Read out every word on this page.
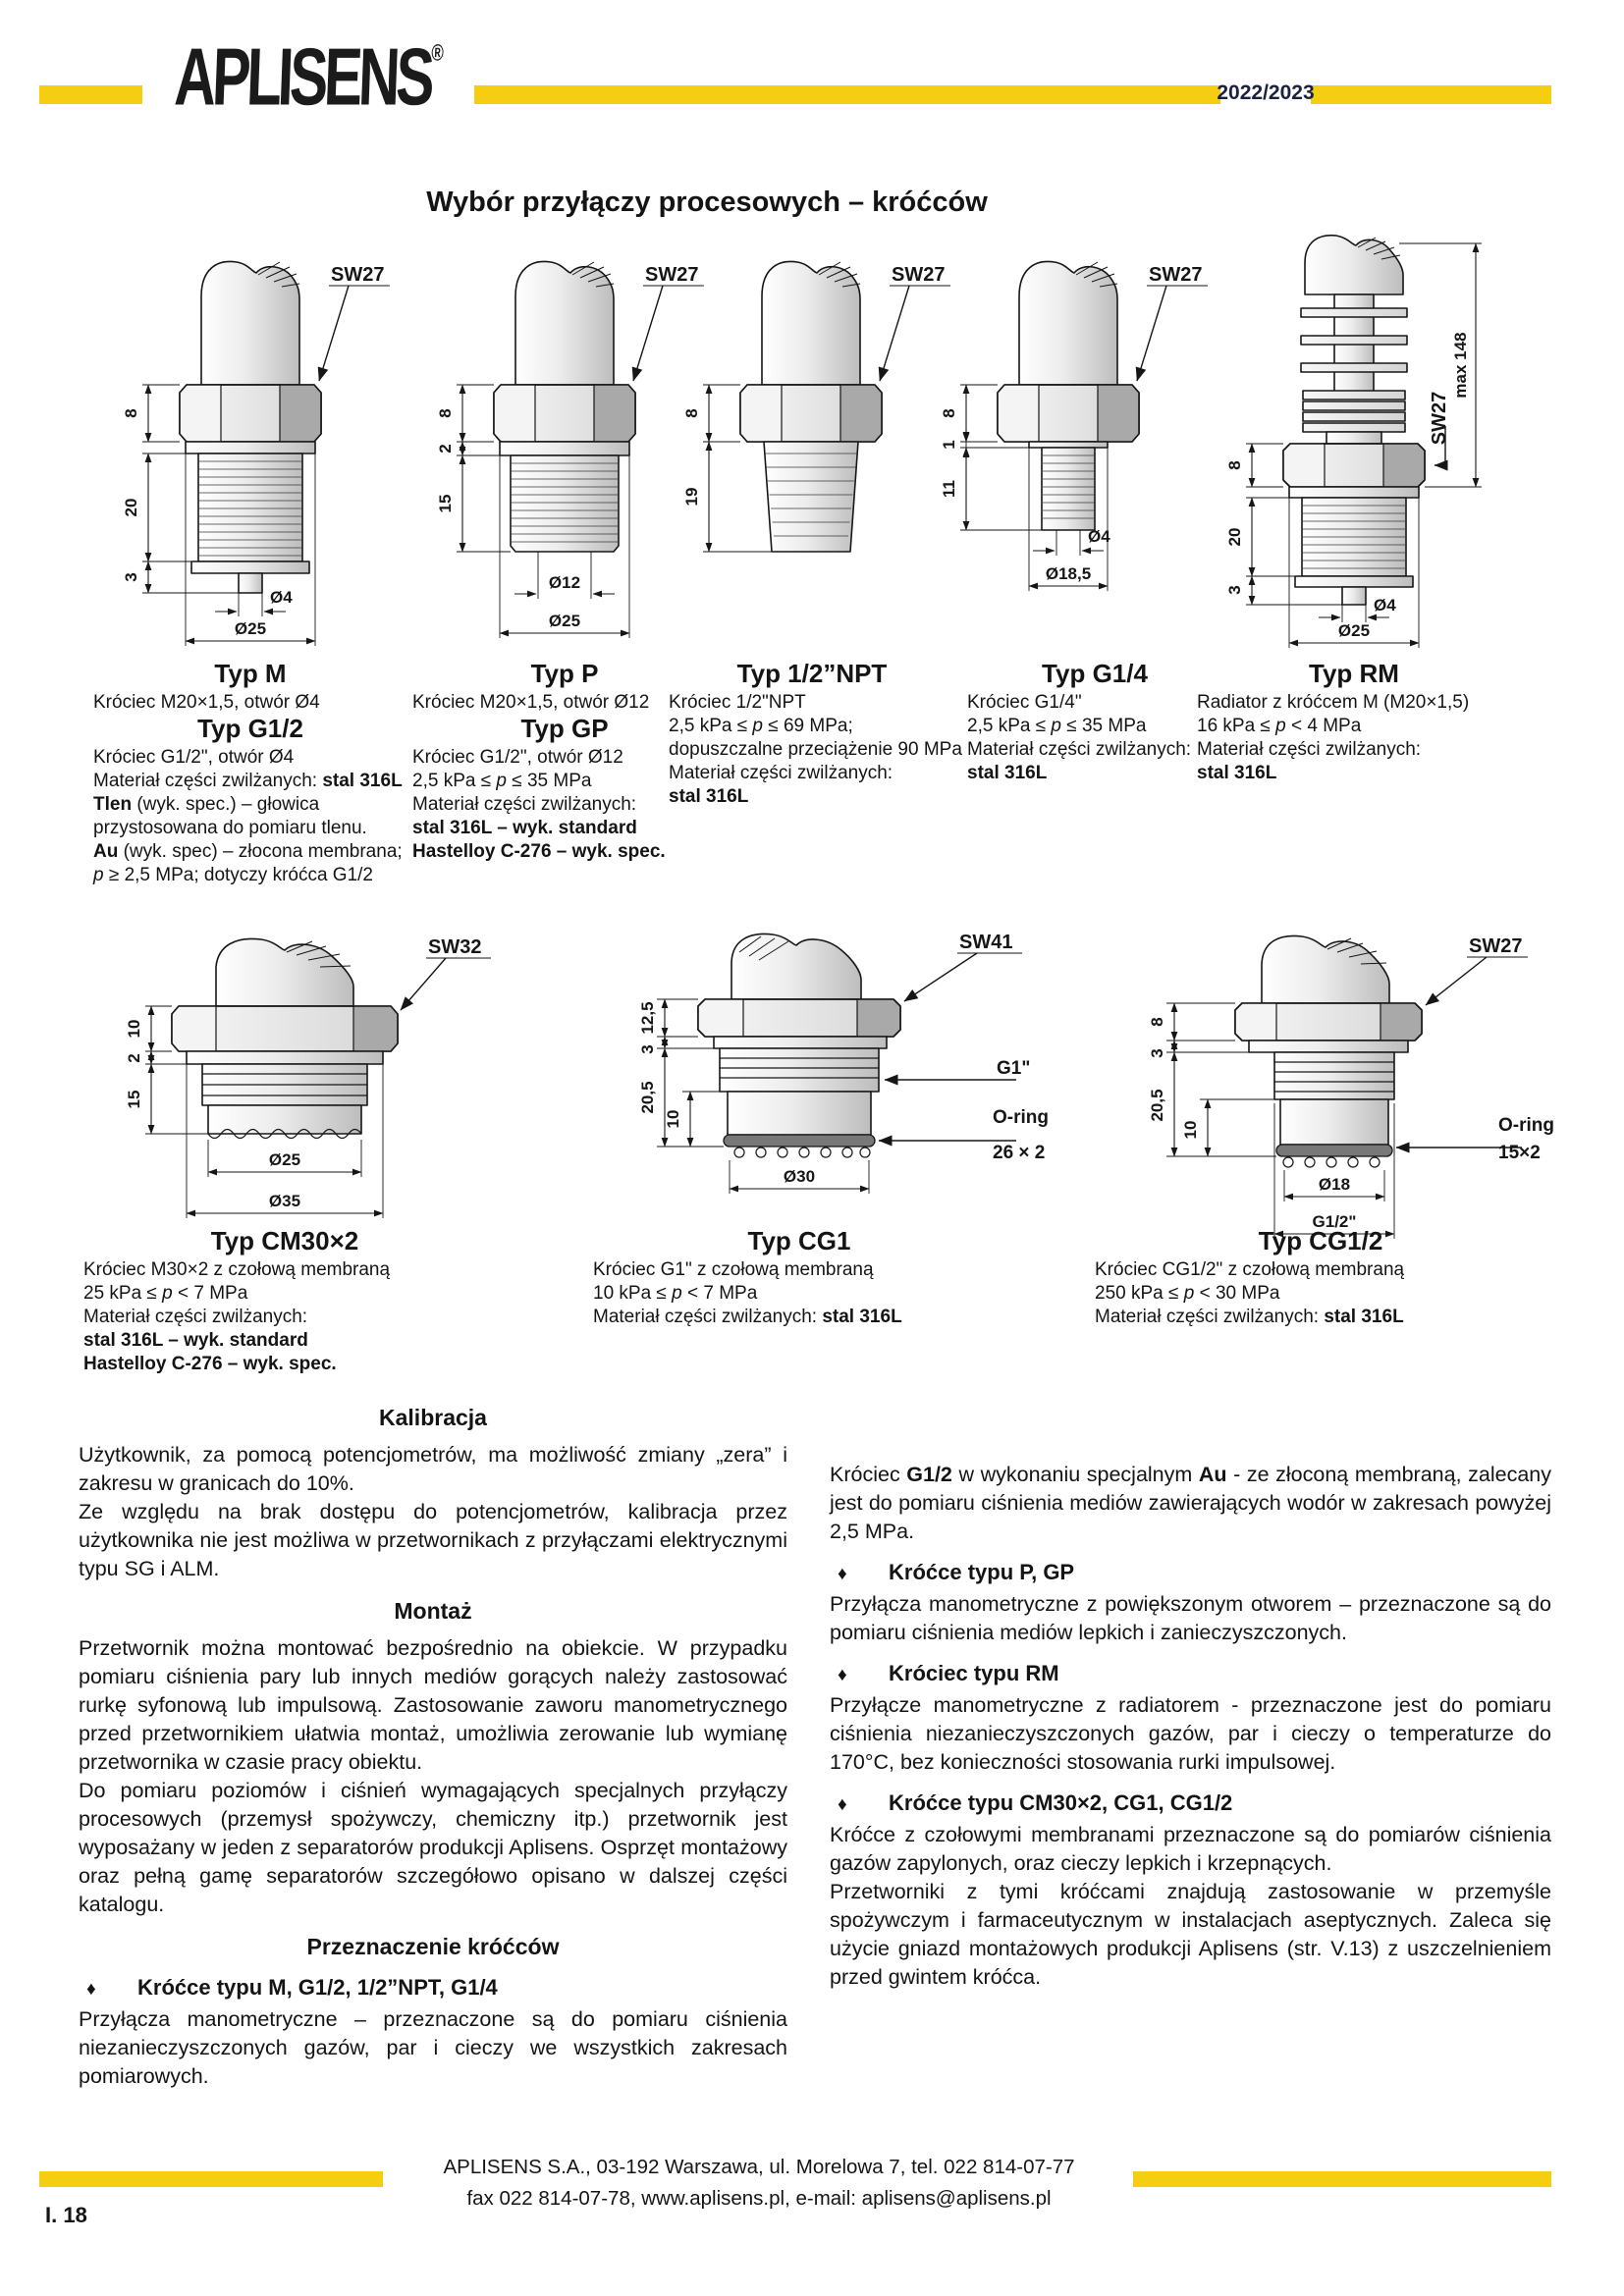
APLISENS®
2022/2023
Wybór przyłączy procesowych – króćców
8
20
3
Ø4
Ø25
SW27
8
2
15
Ø12
Ø25
SW27
8
19
SW27
8
1
11
Ø4
Ø18,5
SW27
8
20
3
Ø4
Ø25
max 148
SW27
Typ M
Króciec M20×1,5, otwór Ø4
Typ G1/2
Króciec G1/2", otwór Ø4
Materiał części zwilżanych: stal 316L
Tlen (wyk. spec.) – głowica
przystosowana do pomiaru tlenu.
Au (wyk. spec) – złocona membrana;
p ≥ 2,5 MPa; dotyczy króćca G1/2
Typ P
Króciec M20×1,5, otwór Ø12
Typ GP
Króciec G1/2", otwór Ø12
2,5 kPa ≤ p ≤ 35 MPa
Materiał części zwilżanych:
stal 316L – wyk. standard
Hastelloy C-276 – wyk. spec.
Typ 1/2”NPT
Króciec 1/2"NPT
2,5 kPa ≤ p ≤ 69 MPa;
dopuszczalne przeciążenie 90 MPa
Materiał części zwilżanych:
stal 316L
Typ G1/4
Króciec G1/4"
2,5 kPa ≤ p ≤ 35 MPa
Materiał części zwilżanych:
stal 316L
Typ RM
Radiator z króćcem M (M20×1,5)
16 kPa ≤ p < 4 MPa
Materiał części zwilżanych:
stal 316L
10
2
15
Ø25
Ø35
SW32
G1"
O-ring
26 × 2
12,5
3
20,5
10
Ø30
SW41
O-ring
15×2
8
3
20,5
10
Ø18
G1/2"
SW27
Typ CM30×2
Króciec M30×2 z czołową membraną
25 kPa ≤ p < 7 MPa
Materiał części zwilżanych:
stal 316L – wyk. standard
Hastelloy C-276 – wyk. spec.
Typ CG1
Króciec G1" z czołową membraną
10 kPa ≤ p < 7 MPa
Materiał części zwilżanych: stal 316L
Typ CG1/2
Króciec CG1/2" z czołową membraną
250 kPa ≤ p < 30 MPa
Materiał części zwilżanych: stal 316L
Kalibracja

Użytkownik, za pomocą potencjometrów, ma możliwość zmiany „zera” i zakresu w granicach do 10%.

Ze względu na brak dostępu do potencjometrów, kalibracja przez użytkownika nie jest możliwa w przetwornikach z przyłączami elektrycznymi typu SG i ALM.

Montaż

Przetwornik można montować bezpośrednio na obiekcie. W przypadku pomiaru ciśnienia pary lub innych mediów gorących należy zastosować rurkę syfonową lub impulsową. Zastosowanie zaworu manometrycznego przed przetwornikiem ułatwia montaż, umożliwia zerowanie lub wymianę przetwornika w czasie pracy obiektu.

Do pomiaru poziomów i ciśnień wymagających specjalnych przyłączy procesowych (przemysł spożywczy, chemiczny itp.) przetwornik jest wyposażany w jeden z separatorów produkcji Aplisens. Osprzęt montażowy oraz pełną gamę separatorów szczegółowo opisano w dalszej części katalogu.

Przeznaczenie króćców

♦ Króćce typu M, G1/2, 1/2”NPT, G1/4

Przyłącza manometryczne – przeznaczone są do pomiaru ciśnienia niezanieczyszczonych gazów, par i cieczy we wszystkich zakresach pomiarowych.

Króciec G1/2 w wykonaniu specjalnym Au - ze złoconą membraną, zalecany jest do pomiaru ciśnienia mediów zawierających wodór w zakresach powyżej 2,5 MPa.

♦ Króćce typu P, GP

Przyłącza manometryczne z powiększonym otworem – przeznaczone są do pomiaru ciśnienia mediów lepkich i zanieczyszczonych.

♦ Króciec typu RM

Przyłącze manometryczne z radiatorem - przeznaczone jest do pomiaru ciśnienia niezanieczyszczonych gazów, par i cieczy o temperaturze do 170°C, bez konieczności stosowania rurki impulsowej.

♦ Króćce typu CM30×2, CG1, CG1/2

Króćce z czołowymi membranami przeznaczone są do pomiarów ciśnienia gazów zapylonych, oraz cieczy lepkich i krzepnących.

Przetworniki z tymi króćcami znajdują zastosowanie w przemyśle spożywczym i farmaceutycznym w instalacjach aseptycznych. Zaleca się użycie gniazd montażowych produkcji Aplisens (str. V.13) z uszczelnieniem przed gwintem króćca.

APLISENS S.A., 03-192 Warszawa, ul. Morelowa 7, tel. 022 814-07-77
fax 022 814-07-78, www.aplisens.pl, e-mail: aplisens@aplisens.pl
I. 18
